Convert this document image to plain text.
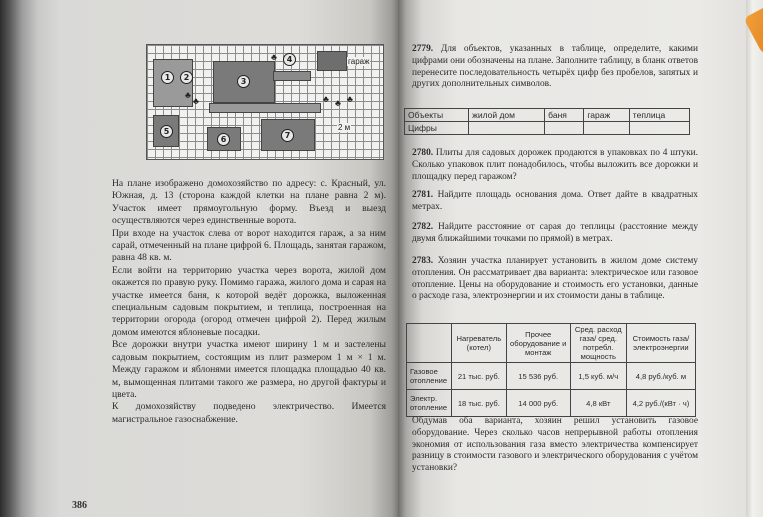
1	2	3
4
5
6	7
♣
♣
♣
♣ ♣ ♣
гараж
2 м

На плане изображено домохозяйство по адресу: с. Красный, ул. Южная, д. 13 (сторона каждой клетки на плане равна 2 м). Участок имеет прямоугольную форму. Въезд и выезд осуществляются через единственные ворота.

При входе на участок слева от ворот находится гараж, а за ним сарай, отмеченный на плане цифрой 6. Площадь, занятая гаражом, равна 48 кв. м.

Если войти на территорию участка через ворота, жилой дом окажется по правую руку. Помимо гаража, жилого дома и сарая на участке имеется баня, к которой ведёт дорожка, выложенная специальным садовым покрытием, и теплица, построенная на территории огорода (огород отмечен цифрой 2). Перед жилым домом имеются яблоневые посадки.

Все дорожки внутри участка имеют ширину 1 м и застелены садовым покрытием, состоящим из плит размером 1 м × 1 м. Между гаражом и яблонями имеется площадка площадью 40 кв. м, вымощенная плитами такого же размера, но другой фактуры и цвета.

К домохозяйству подведено электричество. Имеется магистральное газоснабжение.

386
2779. Для объектов, указанных в таблице, определите, какими цифрами они обозначены на плане. Заполните таблицу, в бланк ответов перенесите последовательность четырёх цифр без пробелов, запятых и других дополнительных символов.
Объекты	жилой дом	баня	гараж	теплица
Цифры				
2780. Плиты для садовых дорожек продаются в упаковках по 4 штуки. Сколько упаковок плит понадобилось, чтобы выложить все дорожки и площадку перед гаражом?
2781. Найдите площадь основания дома. Ответ дайте в квадратных метрах.
2782. Найдите расстояние от сарая до теплицы (расстояние между двумя ближайшими точками по прямой) в метрах.
2783. Хозяин участка планирует установить в жилом доме систему отопления. Он рассматривает два варианта: электрическое или газовое отопление. Цены на оборудование и стоимость его установки, данные о расходе газа, электроэнергии и их стоимости даны в таблице.
	Нагреватель (котел)	Прочее оборудование и монтаж	Сред. расход газа/ сред. потребл. мощность	Стоимость газа/ электроэнергии
Газовое отопление	21 тыс. руб.	15 536 руб.	1,5 куб. м/ч	4,8 руб./куб. м
Электр. отопление	18 тыс. руб.	14 000 руб.	4,8 кВт	4,2 руб./(кВт · ч)
Обдумав оба варианта, хозяин решил установить газовое оборудование. Через сколько часов непрерывной работы отопления экономия от использования газа вместо электричества компенсирует разницу в стоимости газового и электрического оборудования с учётом установки?
